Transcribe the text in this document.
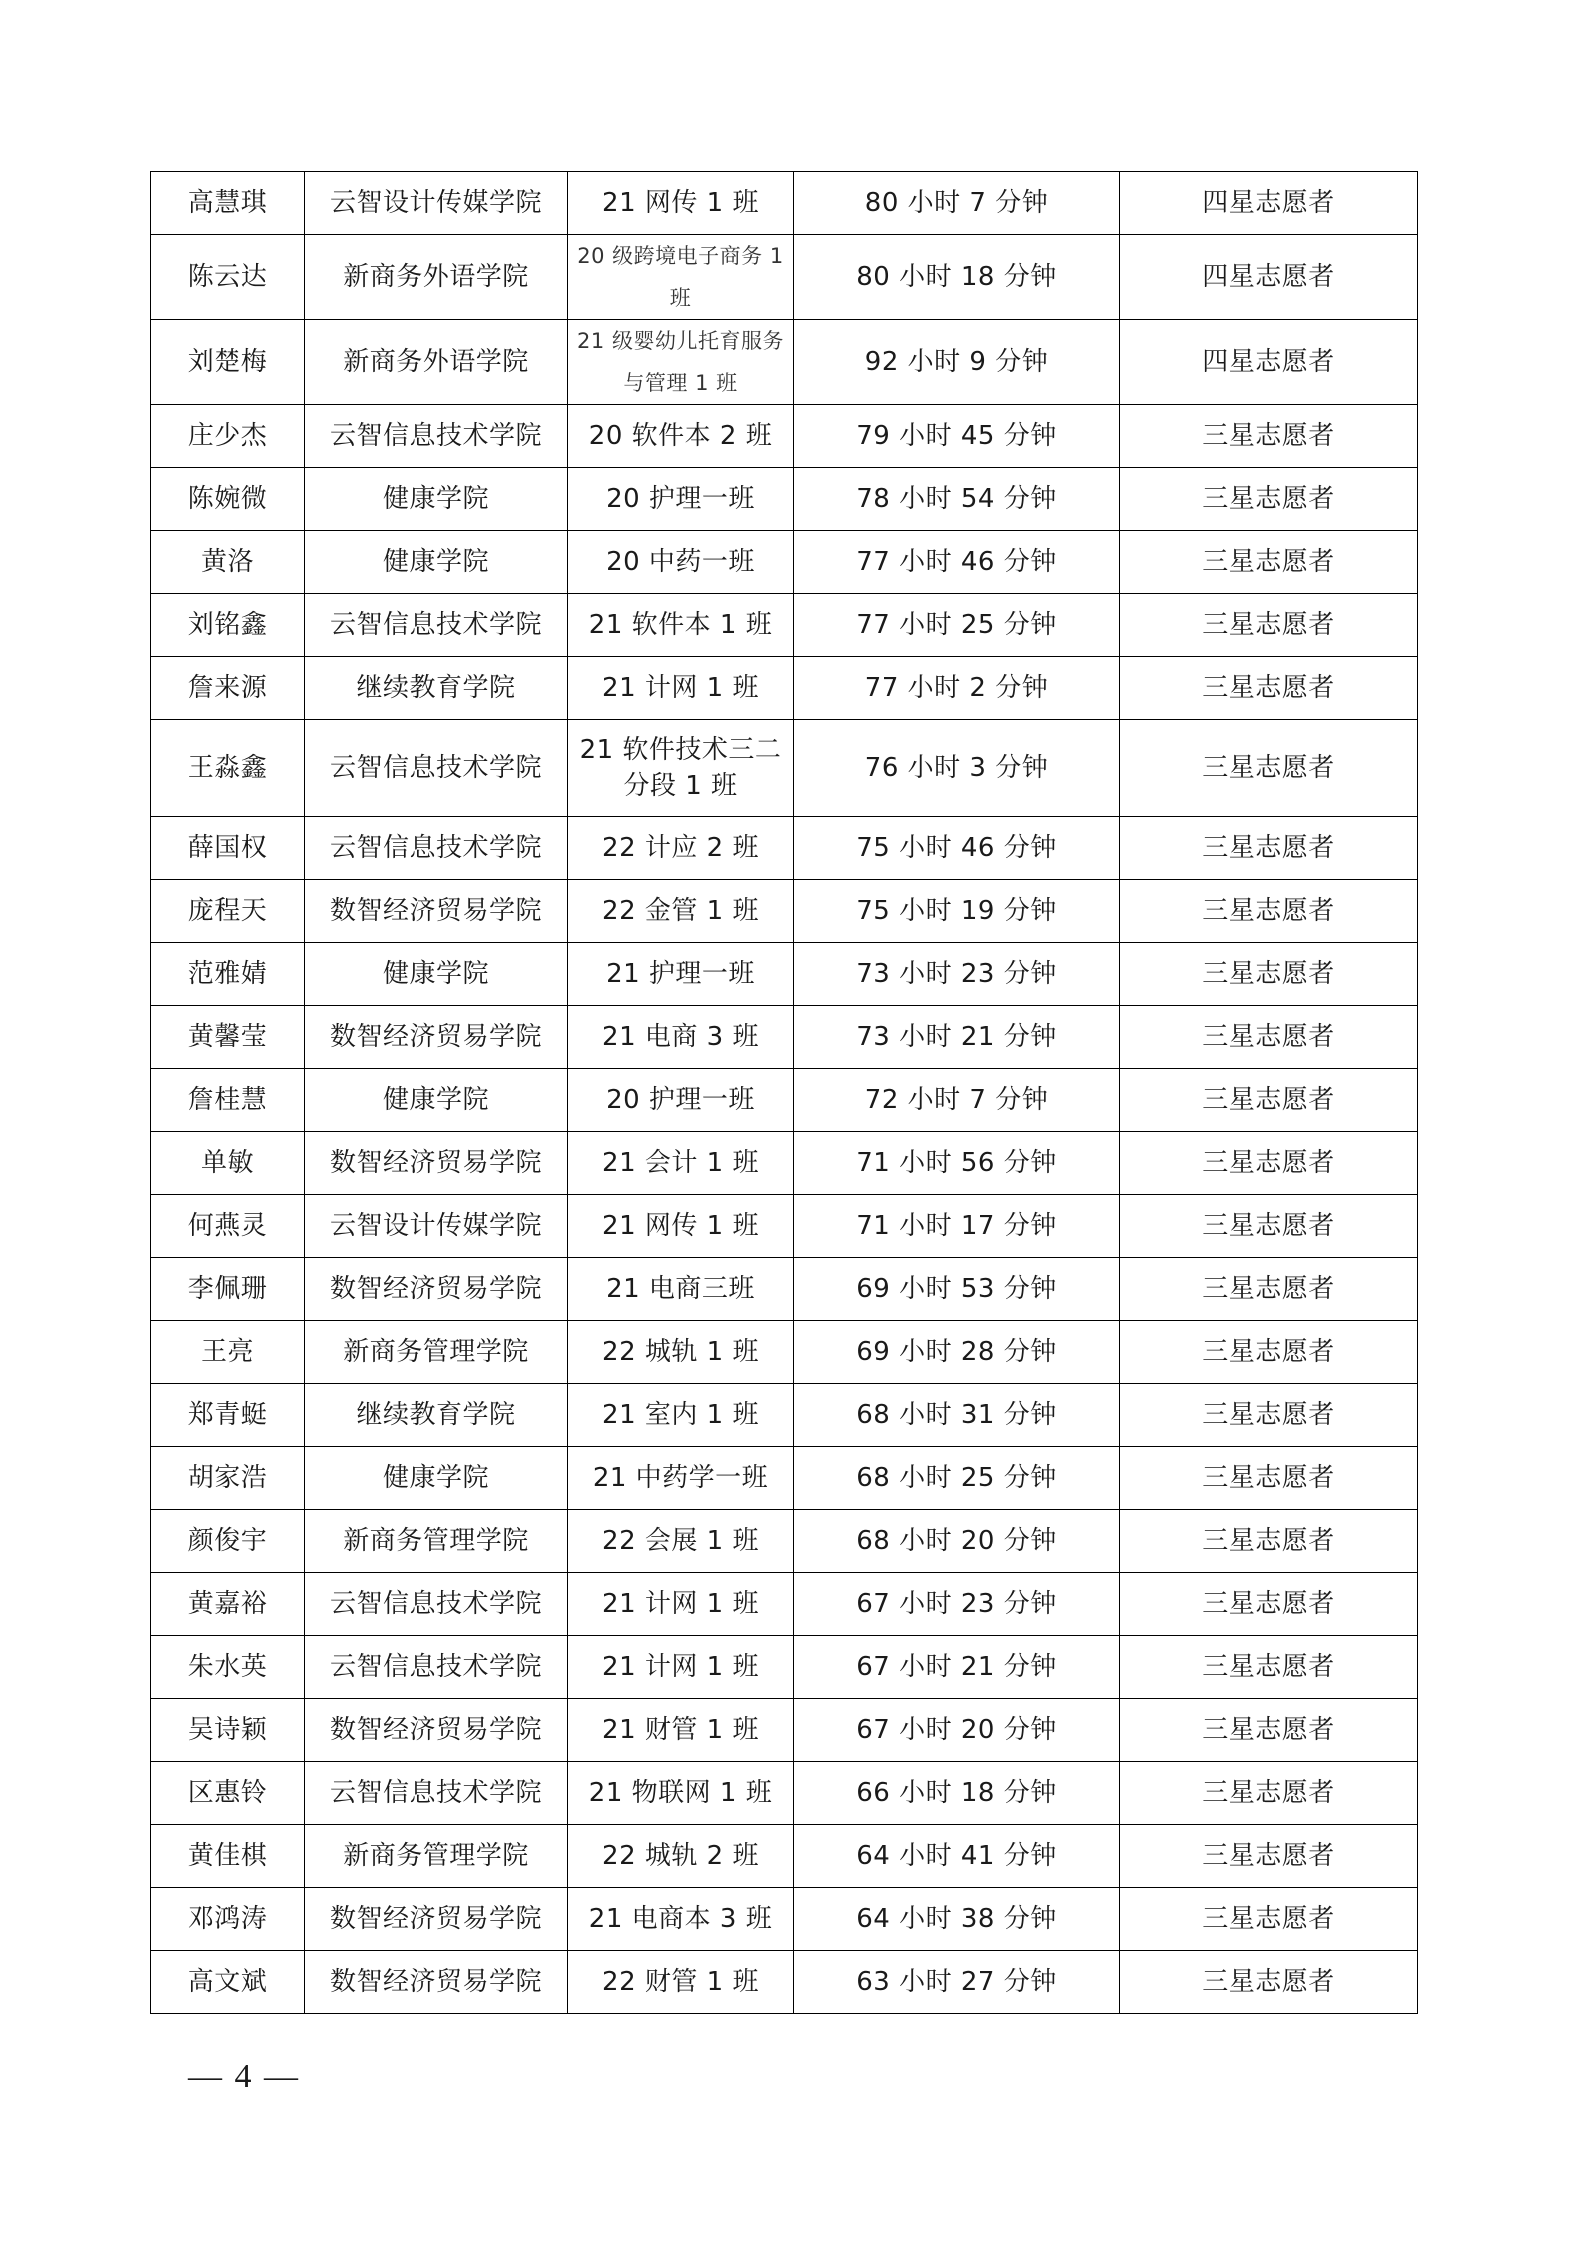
高慧琪	云智设计传媒学院	21 网传 1 班	80 小时 7 分钟	四星志愿者
陈云达	新商务外语学院	20 级跨境电子商务 1 班	80 小时 18 分钟	四星志愿者
刘楚梅	新商务外语学院	21 级婴幼儿托育服务与管理 1 班	92 小时 9 分钟	四星志愿者
庄少杰	云智信息技术学院	20 软件本 2 班	79 小时 45 分钟	三星志愿者
陈婉微	健康学院	20 护理一班	78 小时 54 分钟	三星志愿者
黄洛	健康学院	20 中药一班	77 小时 46 分钟	三星志愿者
刘铭鑫	云智信息技术学院	21 软件本 1 班	77 小时 25 分钟	三星志愿者
詹来源	继续教育学院	21 计网 1 班	77 小时 2 分钟	三星志愿者
王淼鑫	云智信息技术学院	21 软件技术三二分段 1 班	76 小时 3 分钟	三星志愿者
薛国权	云智信息技术学院	22 计应 2 班	75 小时 46 分钟	三星志愿者
庞程天	数智经济贸易学院	22 金管 1 班	75 小时 19 分钟	三星志愿者
范雅婧	健康学院	21 护理一班	73 小时 23 分钟	三星志愿者
黄馨莹	数智经济贸易学院	21 电商 3 班	73 小时 21 分钟	三星志愿者
詹桂慧	健康学院	20 护理一班	72 小时 7 分钟	三星志愿者
单敏	数智经济贸易学院	21 会计 1 班	71 小时 56 分钟	三星志愿者
何燕灵	云智设计传媒学院	21 网传 1 班	71 小时 17 分钟	三星志愿者
李佩珊	数智经济贸易学院	21 电商三班	69 小时 53 分钟	三星志愿者
王亮	新商务管理学院	22 城轨 1 班	69 小时 28 分钟	三星志愿者
郑青蜓	继续教育学院	21 室内 1 班	68 小时 31 分钟	三星志愿者
胡家浩	健康学院	21 中药学一班	68 小时 25 分钟	三星志愿者
颜俊宇	新商务管理学院	22 会展 1 班	68 小时 20 分钟	三星志愿者
黄嘉裕	云智信息技术学院	21 计网 1 班	67 小时 23 分钟	三星志愿者
朱水英	云智信息技术学院	21 计网 1 班	67 小时 21 分钟	三星志愿者
吴诗颖	数智经济贸易学院	21 财管 1 班	67 小时 20 分钟	三星志愿者
区惠铃	云智信息技术学院	21 物联网 1 班	66 小时 18 分钟	三星志愿者
黄佳棋	新商务管理学院	22 城轨 2 班	64 小时 41 分钟	三星志愿者
邓鸿涛	数智经济贸易学院	21 电商本 3 班	64 小时 38 分钟	三星志愿者
高文斌	数智经济贸易学院	22 财管 1 班	63 小时 27 分钟	三星志愿者
— 4 —
